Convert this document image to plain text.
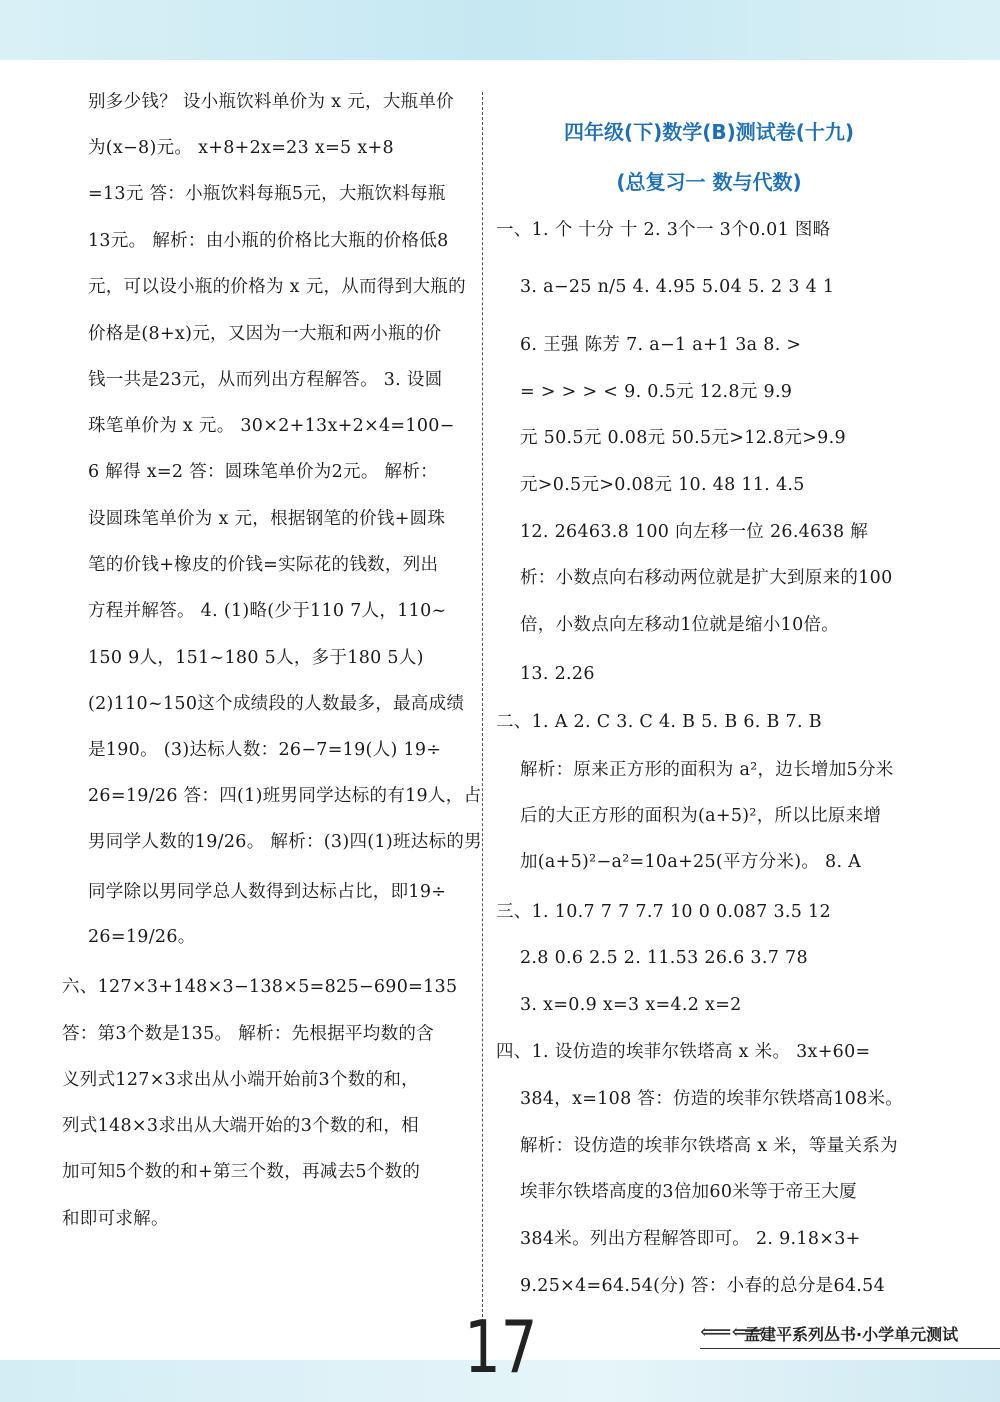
别多少钱？ 设小瓶饮料单价为 x 元，大瓶单价
为(x−8)元。 x+8+2x=23 x=5 x+8
=13元 答：小瓶饮料每瓶5元，大瓶饮料每瓶
13元。 解析：由小瓶的价格比大瓶的价格低8
元，可以设小瓶的价格为 x 元，从而得到大瓶的
价格是(8+x)元，又因为一大瓶和两小瓶的价
钱一共是23元，从而列出方程解答。 3. 设圆
珠笔单价为 x 元。 30×2+13x+2×4=100−
6 解得 x=2 答：圆珠笔单价为2元。 解析：
设圆珠笔单价为 x 元，根据钢笔的价钱+圆珠
笔的价钱+橡皮的价钱=实际花的钱数，列出
方程并解答。 4. (1)略(少于110 7人，110~
150 9人，151~180 5人，多于180 5人)
(2)110~150这个成绩段的人数最多，最高成绩
是190。 (3)达标人数：26−7=19(人) 19÷
26=19/26 答：四(1)班男同学达标的有19人，占
男同学人数的19/26。 解析：(3)四(1)班达标的男
同学除以男同学总人数得到达标占比，即19÷
26=19/26。
六、127×3+148×3−138×5=825−690=135
答：第3个数是135。 解析：先根据平均数的含
义列式127×3求出从小端开始前3个数的和，
列式148×3求出从大端开始的3个数的和，相
加可知5个数的和+第三个数，再减去5个数的
和即可求解。
四年级(下)数学(B)测试卷(十九)
(总复习一 数与代数)
一、1. 个 十分 十 2. 3个一 3个0.01 图略
3. a−25 n/5 4. 4.95 5.04 5. 2 3 4 1
6. 王强 陈芳 7. a−1 a+1 3a 8. >
= > > > < 9. 0.5元 12.8元 9.9
元 50.5元 0.08元 50.5元>12.8元>9.9
元>0.5元>0.08元 10. 48 11. 4.5
12. 26463.8 100 向左移一位 26.4638 解
析：小数点向右移动两位就是扩大到原来的100
倍，小数点向左移动1位就是缩小10倍。
13. 2.26
二、1. A 2. C 3. C 4. B 5. B 6. B 7. B
解析：原来正方形的面积为 a²，边长增加5分米
后的大正方形的面积为(a+5)²，所以比原来增
加(a+5)²−a²=10a+25(平方分米)。 8. A
三、1. 10.7 7 7 7.7 10 0 0.087 3.5 12
2.8 0.6 2.5 2. 11.53 26.6 3.7 78
3. x=0.9 x=3 x=4.2 x=2
四、1. 设仿造的埃菲尔铁塔高 x 米。 3x+60=
384，x=108 答：仿造的埃菲尔铁塔高108米。
解析：设仿造的埃菲尔铁塔高 x 米，等量关系为
埃菲尔铁塔高度的3倍加60米等于帝王大厦
384米。列出方程解答即可。 2. 9.18×3+
9.25×4=64.54(分) 答：小春的总分是64.54
17	⟸⟸
孟建平系列丛书·小学单元测试
